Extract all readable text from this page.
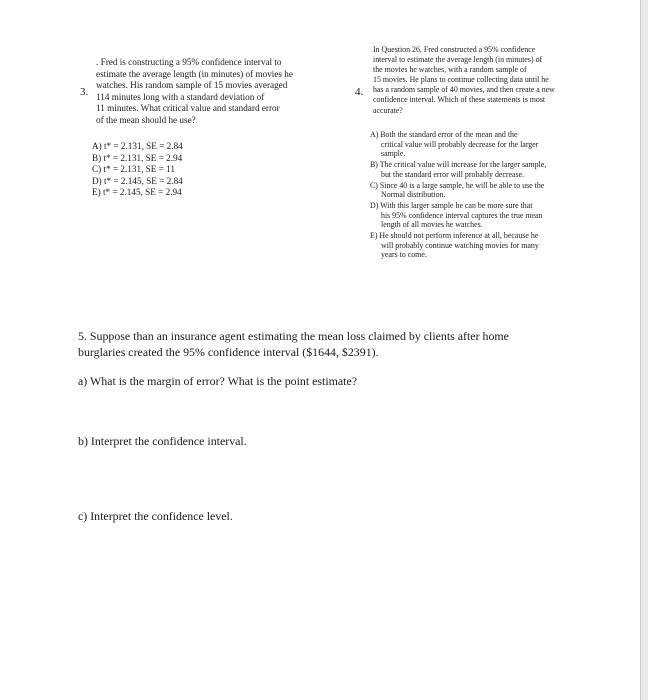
3.
. Fred is constructing a 95% confidence interval to
estimate the average length (in minutes) of movies he
watches. His random sample of 15 movies averaged
114 minutes long with a standard deviation of
11 minutes. What critical value and standard error
of the mean should he use?
A) t* = 2.131, SE = 2.84
B) t* = 2.131, SE = 2.94
C) t* = 2.131, SE = 11
D) t* = 2.145, SE = 2.84
E) t* = 2.145, SE = 2.94
4.
In Question 26, Fred constructed a 95% confidence
interval to estimate the average length (in minutes) of
the movies he watches, with a random sample of
15 movies. He plans to continue collecting data until he
has a random sample of 40 movies, and then create a new
confidence interval. Which of these statements is most
accurate?
A) Both the standard error of the mean and the
critical value will probably decrease for the larger
sample.
B) The critical value will increase for the larger sample,
but the standard error will probably decrease.
C) Since 40 is a large sample, he will be able to use the
Normal distribution.
D) With this larger sample he can be more sure that
his 95% confidence interval captures the true mean
length of all movies he watches.
E) He should not perform inference at all, because he
will probably continue watching movies for many
years to come.
5. Suppose than an insurance agent estimating the mean loss claimed by clients after home
burglaries created the 95% confidence interval ($1644, $2391).
a) What is the margin of error? What is the point estimate?
b) Interpret the confidence interval.
c) Interpret the confidence level.
